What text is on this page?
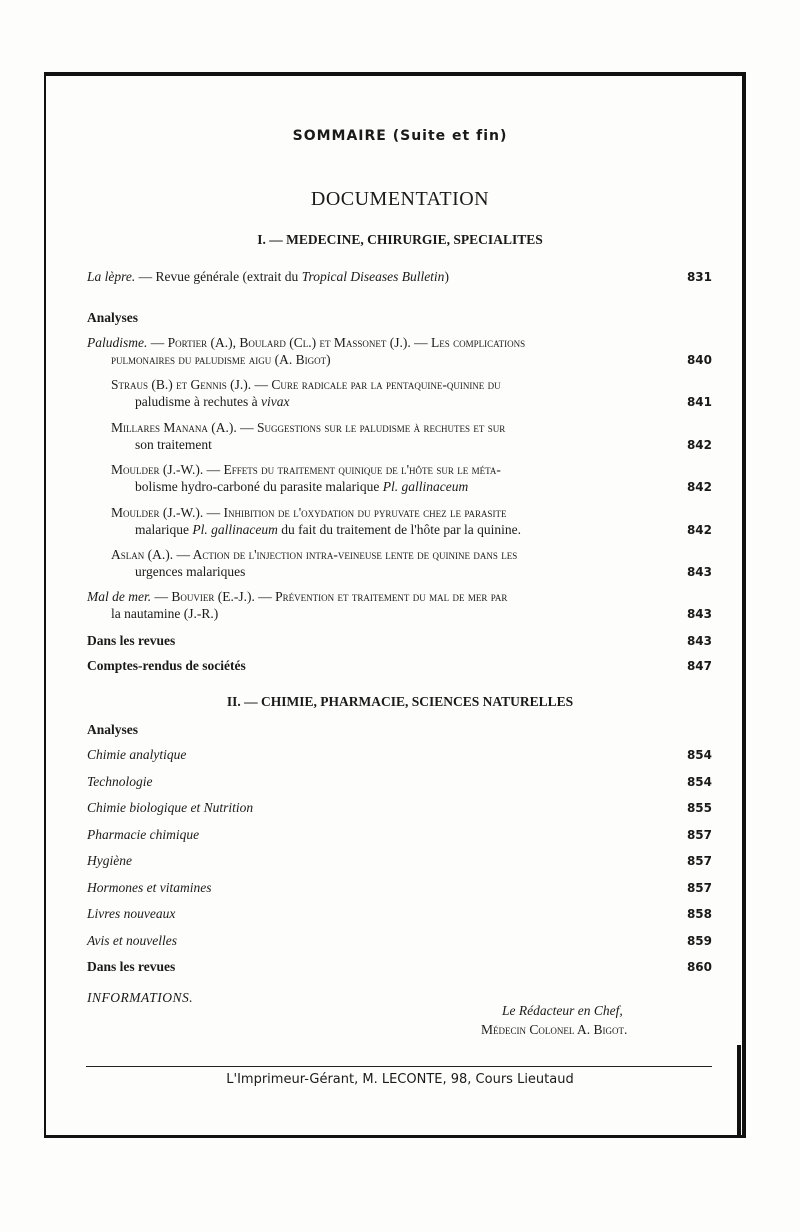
SOMMAIRE (Suite et fin)
DOCUMENTATION
I. — MEDECINE, CHIRURGIE, SPECIALITES
La lèpre. — Revue générale (extrait du Tropical Diseases Bulletin)	831
Analyses
Paludisme. — Portier (A.), Boulard (Cl.) et Massonet (J.). — Les complications
pulmonaires du paludisme aigu (A. Bigot)	840
Straus (B.) et Gennis (J.). — Cure radicale par la pentaquine-quinine du
paludisme à rechutes à vivax	841
Millares Manana (A.). — Suggestions sur le paludisme à rechutes et sur
son traitement	842
Moulder (J.-W.). — Effets du traitement quinique de l'hôte sur le méta-
bolisme hydro-carboné du parasite malarique Pl. gallinaceum	842
Moulder (J.-W.). — Inhibition de l'oxydation du pyruvate chez le parasite
malarique Pl. gallinaceum du fait du traitement de l'hôte par la quinine.	842
Aslan (A.). — Action de l'injection intra-veineuse lente de quinine dans les
urgences malariques	843
Mal de mer. — Bouvier (E.-J.). — Prévention et traitement du mal de mer par
la nautamine (J.-R.)	843
Dans les revues	843
Comptes-rendus de sociétés	847
II. — CHIMIE, PHARMACIE, SCIENCES NATURELLES
Analyses
Chimie analytique	854
Technologie	854
Chimie biologique et Nutrition	855
Pharmacie chimique	857
Hygiène	857
Hormones et vitamines	857
Livres nouveaux	858
Avis et nouvelles	859
Dans les revues	860
INFORMATIONS.
Le Rédacteur en Chef,
Médecin Colonel A. Bigot.
L'Imprimeur-Gérant, M. LECONTE, 98, Cours Lieutaud
